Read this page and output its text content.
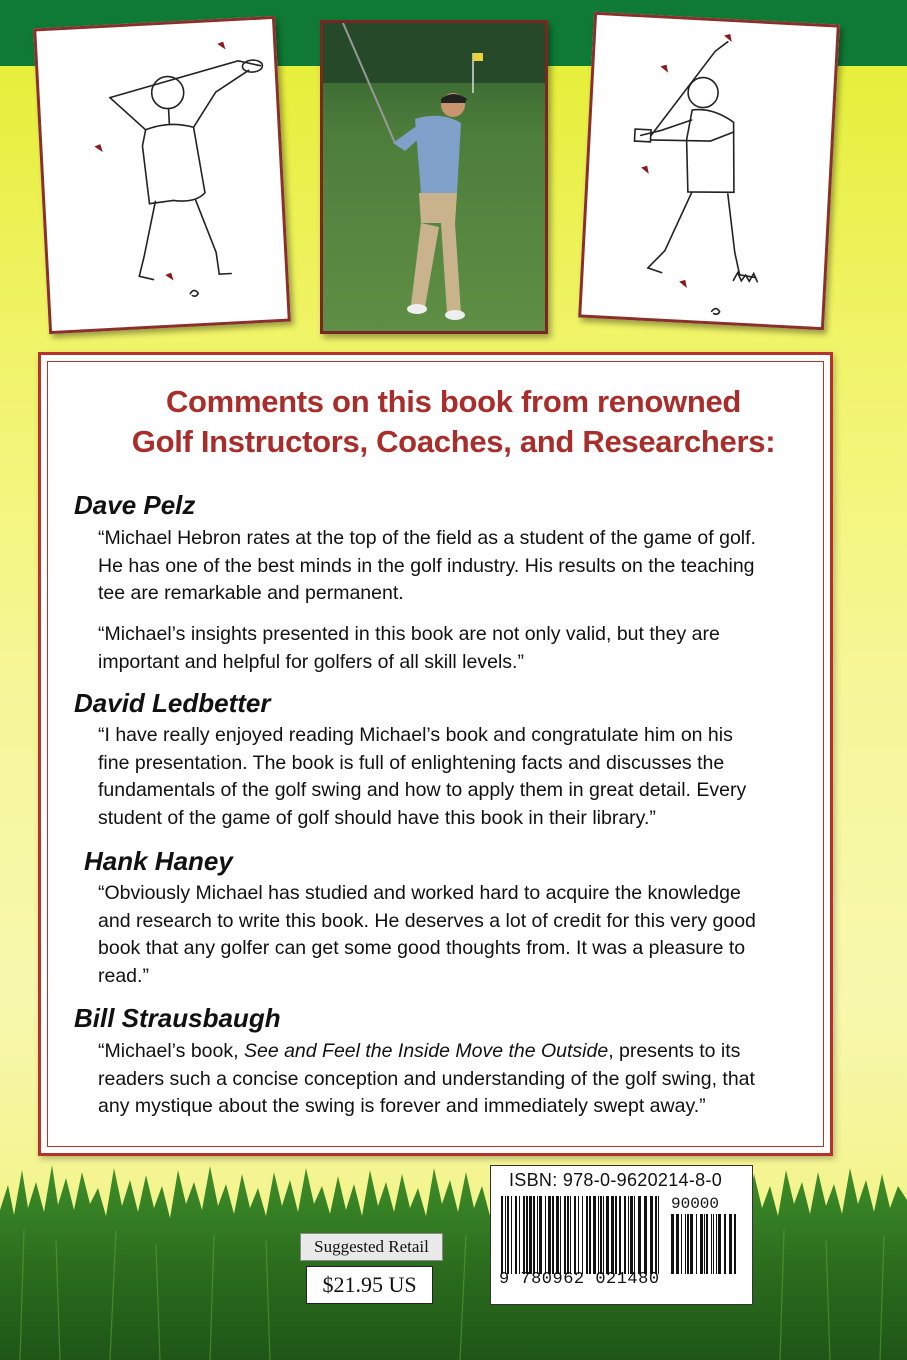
Comments on this book from renowned
Golf Instructors, Coaches, and Researchers:
Dave Pelz

“Michael Hebron rates at the top of the field as a student of the game of golf.
He has one of the best minds in the golf industry. His results on the teaching
tee are remarkable and permanent.

“Michael’s insights presented in this book are not only valid, but they are
important and helpful for golfers of all skill levels.”

David Ledbetter

“I have really enjoyed reading Michael’s book and congratulate him on his
fine presentation. The book is full of enlightening facts and discusses the
fundamentals of the golf swing and how to apply them in great detail. Every
student of the game of golf should have this book in their library.”

Hank Haney

“Obviously Michael has studied and worked hard to acquire the knowledge
and research to write this book. He deserves a lot of credit for this very good
book that any golfer can get some good thoughts from. It was a pleasure to
read.”

Bill Strausbaugh

“Michael’s book, See and Feel the Inside Move the Outside, presents to its
readers such a concise conception and understanding of the golf swing, that
any mystique about the swing is forever and immediately swept away.”

Suggested Retail
$21.95 US
ISBN: 978-0-9620214-8-0
90000
9 780962 021480
